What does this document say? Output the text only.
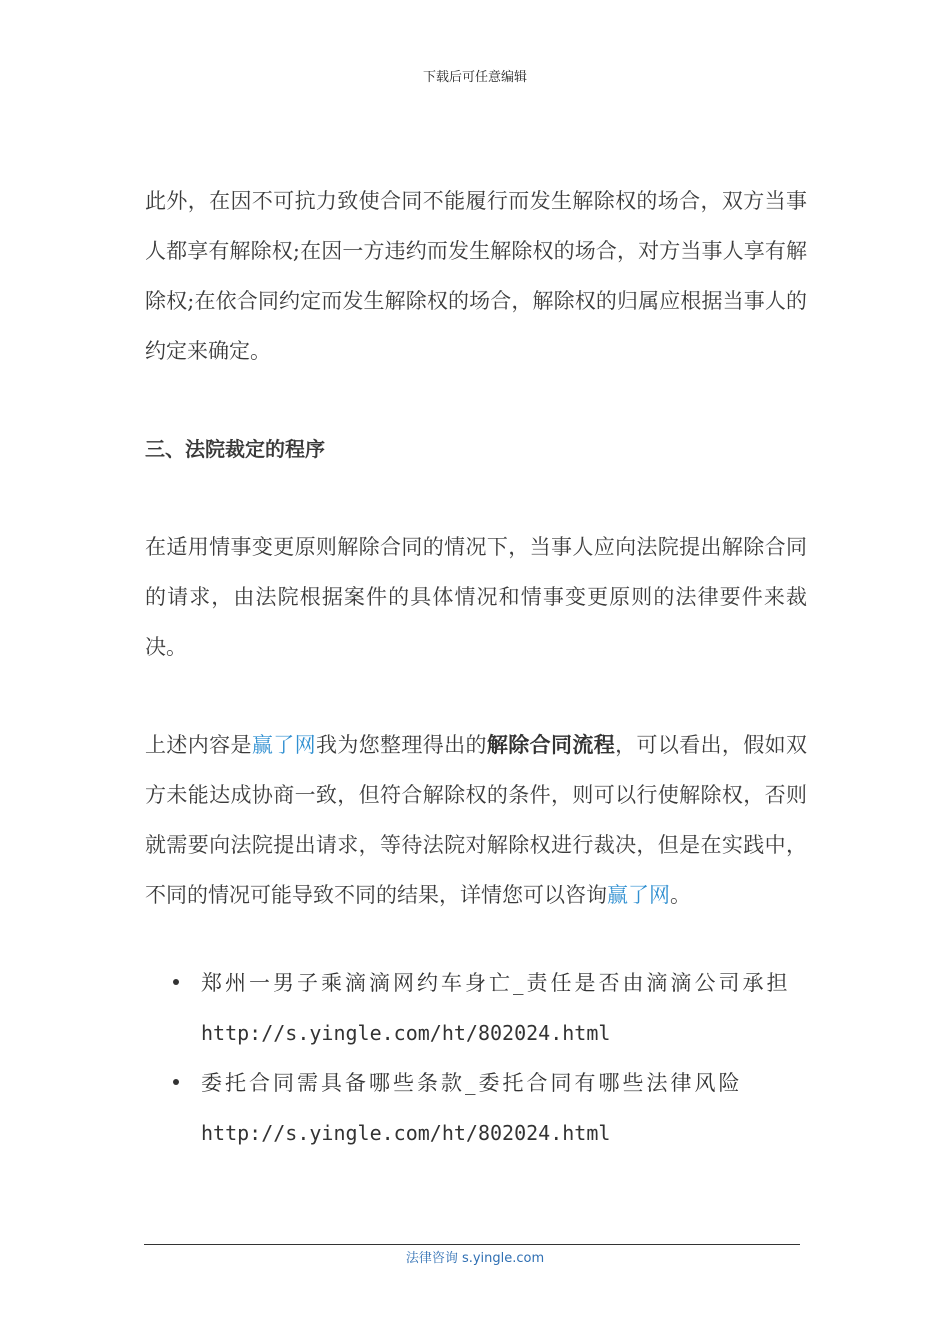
下载后可任意编辑

此外，在因不可抗力致使合同不能履行而发生解除权的场合，双方当事人都享有解除权;在因一方违约而发生解除权的场合，对方当事人享有解除权;在依合同约定而发生解除权的场合，解除权的归属应根据当事人的约定来确定。

三、法院裁定的程序

在适用情事变更原则解除合同的情况下，当事人应向法院提出解除合同的请求，由法院根据案件的具体情况和情事变更原则的法律要件来裁决。

上述内容是赢了网我为您整理得出的解除合同流程，可以看出，假如双方未能达成协商一致，但符合解除权的条件，则可以行使解除权，否则就需要向法院提出请求，等待法院对解除权进行裁决，但是在实践中，不同的情况可能导致不同的结果，详情您可以咨询赢了网。

郑州一男子乘滴滴网约车身亡_责任是否由滴滴公司承担
http://s.yingle.com/ht/802024.html
委托合同需具备哪些条款_委托合同有哪些法律风险
http://s.yingle.com/ht/802024.html
法律咨询 s.yingle.com
